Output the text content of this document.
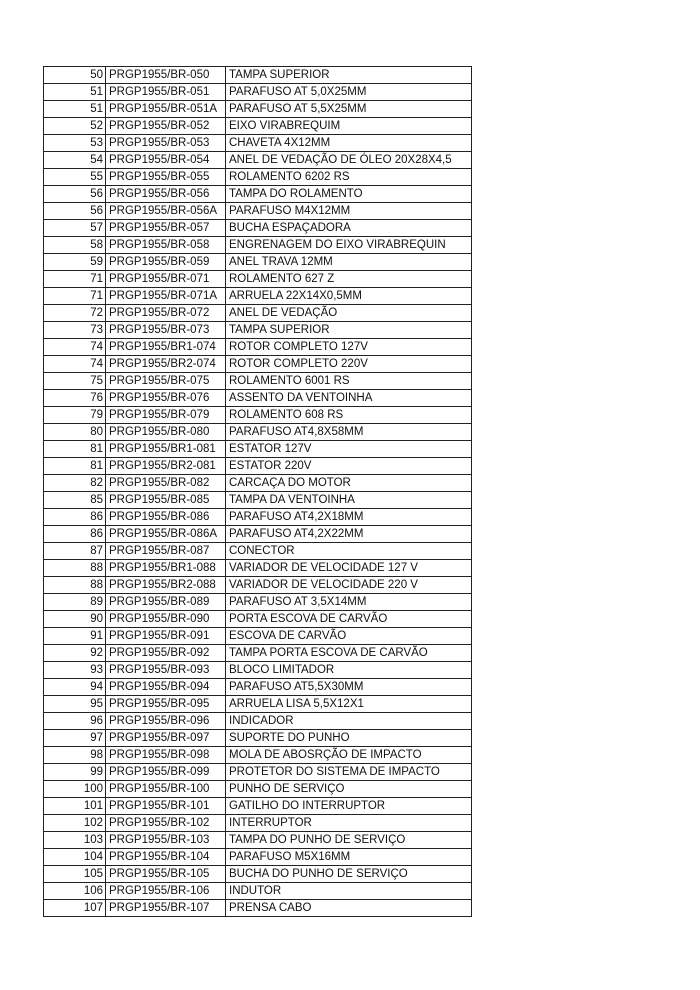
50	PRGP1955/BR-050	TAMPA SUPERIOR
51	PRGP1955/BR-051	PARAFUSO AT 5,0X25MM
51	PRGP1955/BR-051A	PARAFUSO AT 5,5X25MM
52	PRGP1955/BR-052	EIXO VIRABREQUIM
53	PRGP1955/BR-053	CHAVETA 4X12MM
54	PRGP1955/BR-054	ANEL DE VEDAÇÃO DE ÓLEO 20X28X4,5
55	PRGP1955/BR-055	ROLAMENTO 6202 RS
56	PRGP1955/BR-056	TAMPA DO ROLAMENTO
56	PRGP1955/BR-056A	PARAFUSO M4X12MM
57	PRGP1955/BR-057	BUCHA ESPAÇADORA
58	PRGP1955/BR-058	ENGRENAGEM DO EIXO VIRABREQUIN
59	PRGP1955/BR-059	ANEL TRAVA 12MM
71	PRGP1955/BR-071	ROLAMENTO 627 Z
71	PRGP1955/BR-071A	ARRUELA 22X14X0,5MM
72	PRGP1955/BR-072	ANEL DE VEDAÇÃO
73	PRGP1955/BR-073	TAMPA SUPERIOR
74	PRGP1955/BR1-074	ROTOR COMPLETO 127V
74	PRGP1955/BR2-074	ROTOR COMPLETO 220V
75	PRGP1955/BR-075	ROLAMENTO 6001 RS
76	PRGP1955/BR-076	ASSENTO DA VENTOINHA
79	PRGP1955/BR-079	ROLAMENTO 608 RS
80	PRGP1955/BR-080	PARAFUSO AT4,8X58MM
81	PRGP1955/BR1-081	ESTATOR 127V
81	PRGP1955/BR2-081	ESTATOR 220V
82	PRGP1955/BR-082	CARCAÇA DO MOTOR
85	PRGP1955/BR-085	TAMPA DA VENTOINHA
86	PRGP1955/BR-086	PARAFUSO AT4,2X18MM
86	PRGP1955/BR-086A	PARAFUSO AT4,2X22MM
87	PRGP1955/BR-087	CONECTOR
88	PRGP1955/BR1-088	VARIADOR DE VELOCIDADE 127 V
88	PRGP1955/BR2-088	VARIADOR DE VELOCIDADE 220 V
89	PRGP1955/BR-089	PARAFUSO AT 3,5X14MM
90	PRGP1955/BR-090	PORTA ESCOVA DE CARVÃO
91	PRGP1955/BR-091	ESCOVA DE CARVÃO
92	PRGP1955/BR-092	TAMPA PORTA ESCOVA DE CARVÃO
93	PRGP1955/BR-093	BLOCO LIMITADOR
94	PRGP1955/BR-094	PARAFUSO AT5,5X30MM
95	PRGP1955/BR-095	ARRUELA LISA 5,5X12X1
96	PRGP1955/BR-096	INDICADOR
97	PRGP1955/BR-097	SUPORTE DO PUNHO
98	PRGP1955/BR-098	MOLA DE ABOSRÇÃO DE IMPACTO
99	PRGP1955/BR-099	PROTETOR DO SISTEMA DE IMPACTO
100	PRGP1955/BR-100	PUNHO DE SERVIÇO
101	PRGP1955/BR-101	GATILHO DO INTERRUPTOR
102	PRGP1955/BR-102	INTERRUPTOR
103	PRGP1955/BR-103	TAMPA DO PUNHO DE SERVIÇO
104	PRGP1955/BR-104	PARAFUSO M5X16MM
105	PRGP1955/BR-105	BUCHA DO PUNHO DE SERVIÇO
106	PRGP1955/BR-106	INDUTOR
107	PRGP1955/BR-107	PRENSA CABO
